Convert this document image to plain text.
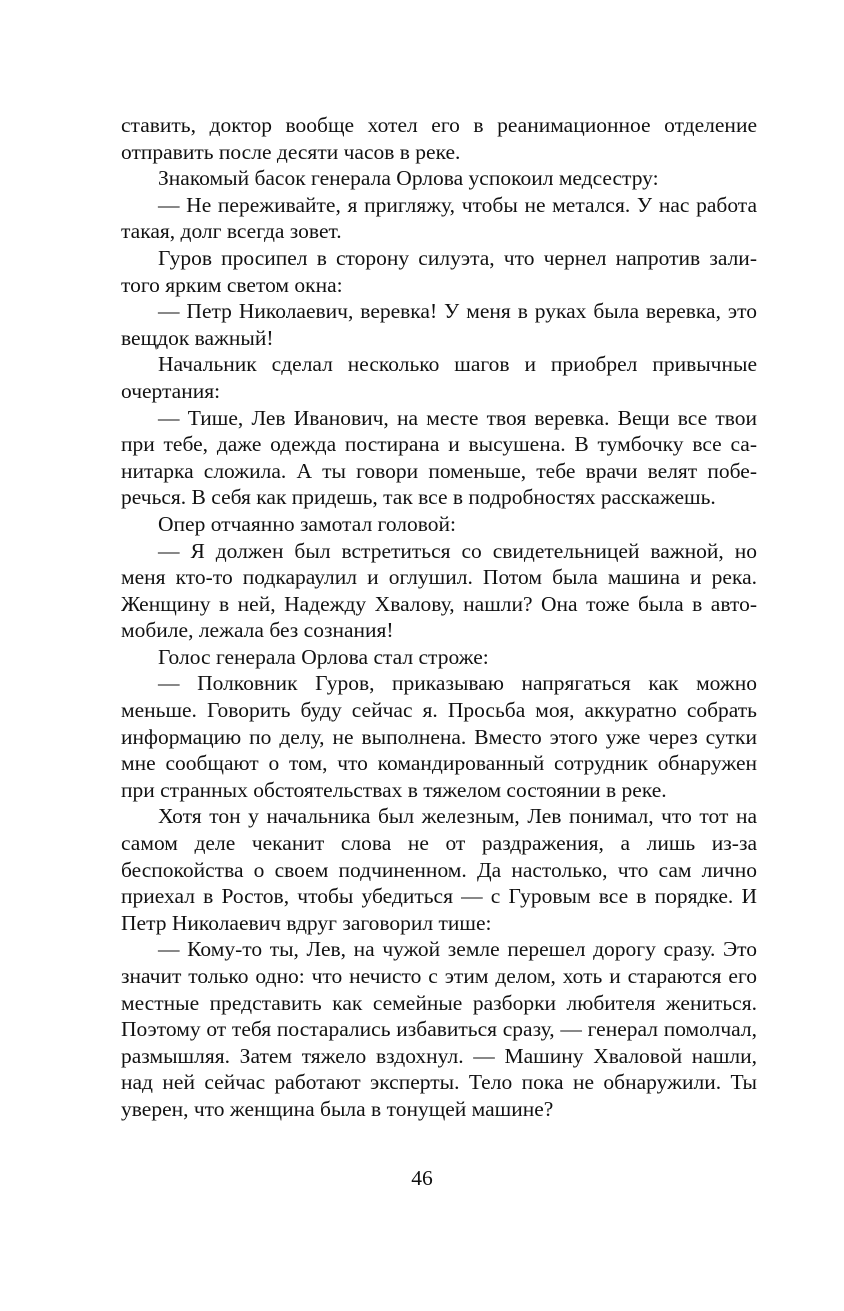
ставить, доктор вообще хотел его в реанимационное отделение отправить после десяти часов в реке.

Знакомый басок генерала Орлова успокоил медсестру:

— Не переживайте, я пригляжу, чтобы не метался. У нас работа такая, долг всегда зовет.

Гуров просипел в сторону силуэта, что чернел напротив залитого ярким светом окна:

— Петр Николаевич, веревка! У меня в руках была веревка, это вещдок важный!

Начальник сделал несколько шагов и приобрел привычные очертания:

— Тише, Лев Иванович, на месте твоя веревка. Вещи все твои при тебе, даже одежда постирана и высушена. В тумбочку все санитарка сложила. А ты говори поменьше, тебе врачи велят поберечься. В себя как придешь, так все в подробностях расскажешь.

Опер отчаянно замотал головой:

— Я должен был встретиться со свидетельницей важной, но меня кто-то подкараулил и оглушил. Потом была машина и река. Женщину в ней, Надежду Хвалову, нашли? Она тоже была в автомобиле, лежала без сознания!

Голос генерала Орлова стал строже:

— Полковник Гуров, приказываю напрягаться как можно меньше. Говорить буду сейчас я. Просьба моя, аккуратно собрать информацию по делу, не выполнена. Вместо этого уже через сутки мне сообщают о том, что командированный сотрудник обнаружен при странных обстоятельствах в тяжелом состоянии в реке.

Хотя тон у начальника был железным, Лев понимал, что тот на самом деле чеканит слова не от раздражения, а лишь из-за беспокойства о своем подчиненном. Да настолько, что сам лично приехал в Ростов, чтобы убедиться — с Гуровым все в порядке. И Петр Николаевич вдруг заговорил тише:

— Кому-то ты, Лев, на чужой земле перешел дорогу сразу. Это значит только одно: что нечисто с этим делом, хоть и стараются его местные представить как семейные разборки любителя жениться. Поэтому от тебя постарались избавиться сразу, — генерал помолчал, размышляя. Затем тяжело вздохнул. — Машину Хваловой нашли, над ней сейчас работают эксперты. Тело пока не обнаружили. Ты уверен, что женщина была в тонущей машине?

46
